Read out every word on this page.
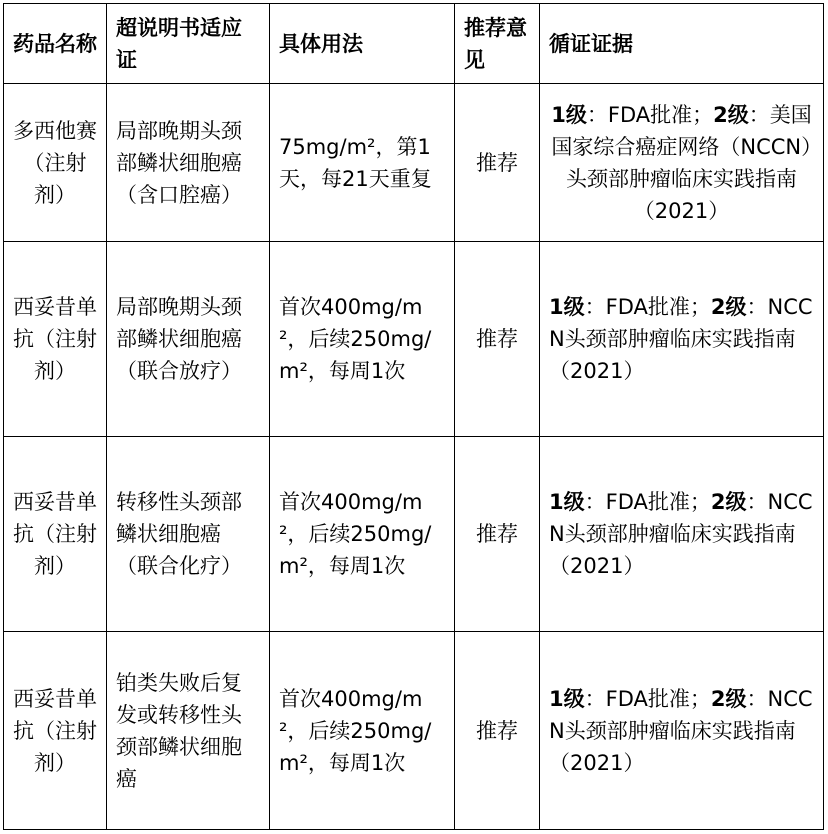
药品名称	超说明书适应证	具体用法	推荐意见	循证证据
多西他赛（注射剂）	局部晚期头颈部鳞状细胞癌（含口腔癌）	75mg/m²，第1天，每21天重复	推荐	1级：FDA批准；2级：美国国家综合癌症网络（NCCN）头颈部肿瘤临床实践指南（2021）
西妥昔单抗（注射剂）	局部晚期头颈部鳞状细胞癌（联合放疗）	首次400mg/m²，后续250mg/m²，每周1次	推荐	1级：FDA批准；2级：NCCN头颈部肿瘤临床实践指南（2021）
西妥昔单抗（注射剂）	转移性头颈部鳞状细胞癌（联合化疗）	首次400mg/m²，后续250mg/m²，每周1次	推荐	1级：FDA批准；2级：NCCN头颈部肿瘤临床实践指南（2021）
西妥昔单抗（注射剂）	铂类失败后复发或转移性头颈部鳞状细胞癌	首次400mg/m²，后续250mg/m²，每周1次	推荐	1级：FDA批准；2级：NCCN头颈部肿瘤临床实践指南（2021）
